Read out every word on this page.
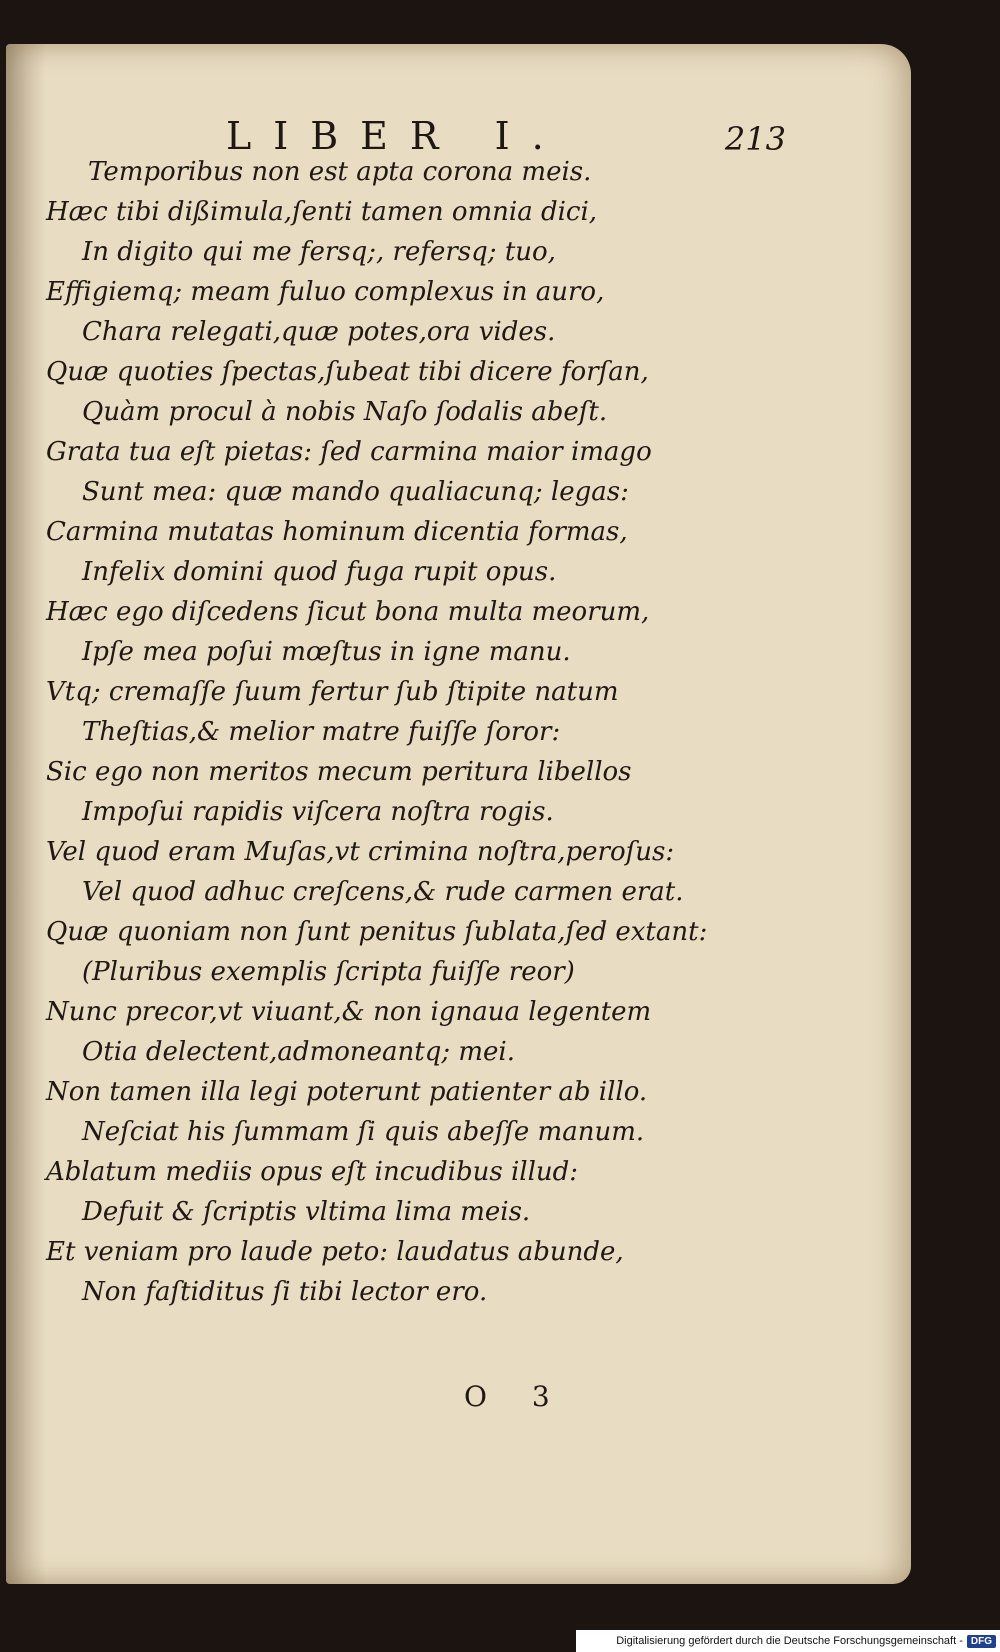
LIBER I.	213
Temporibus non est apta corona meis.
Hæc tibi dißimula,ſenti tamen omnia dici,
In digito qui me fersq;, refersq; tuo,
Effigiemq; meam fuluo complexus in auro,
Chara relegati,quæ potes,ora vides.
Quæ quoties ſpectas,ſubeat tibi dicere forſan,
Quàm procul à nobis Naſo ſodalis abeſt.
Grata tua eſt pietas: ſed carmina maior imago
Sunt mea: quæ mando qualiacunq; legas:
Carmina mutatas hominum dicentia formas,
Infelix domini quod fuga rupit opus.
Hæc ego diſcedens ſicut bona multa meorum,
Ipſe mea poſui mœſtus in igne manu.
Vtq; cremaſſe ſuum fertur ſub ſtipite natum
Theſtias,& melior matre fuiſſe ſoror:
Sic ego non meritos mecum peritura libellos
Impoſui rapidis viſcera noſtra rogis.
Vel quod eram Muſas,vt crimina noſtra,peroſus:
Vel quod adhuc creſcens,& rude carmen erat.
Quæ quoniam non ſunt penitus ſublata,ſed extant:
(Pluribus exemplis ſcripta fuiſſe reor)
Nunc precor,vt viuant,& non ignaua legentem
Otia delectent,admoneantq; mei.
Non tamen illa legi poterunt patienter ab illo.
Neſciat his ſummam ſi quis abeſſe manum.
Ablatum mediis opus eſt incudibus illud:
Defuit & ſcriptis vltima lima meis.
Et veniam pro laude peto: laudatus abunde,
Non faſtiditus ſi tibi lector ero.
O 3
Digitalisierung gefördert durch die Deutsche Forschungsgemeinschaft - DFG
